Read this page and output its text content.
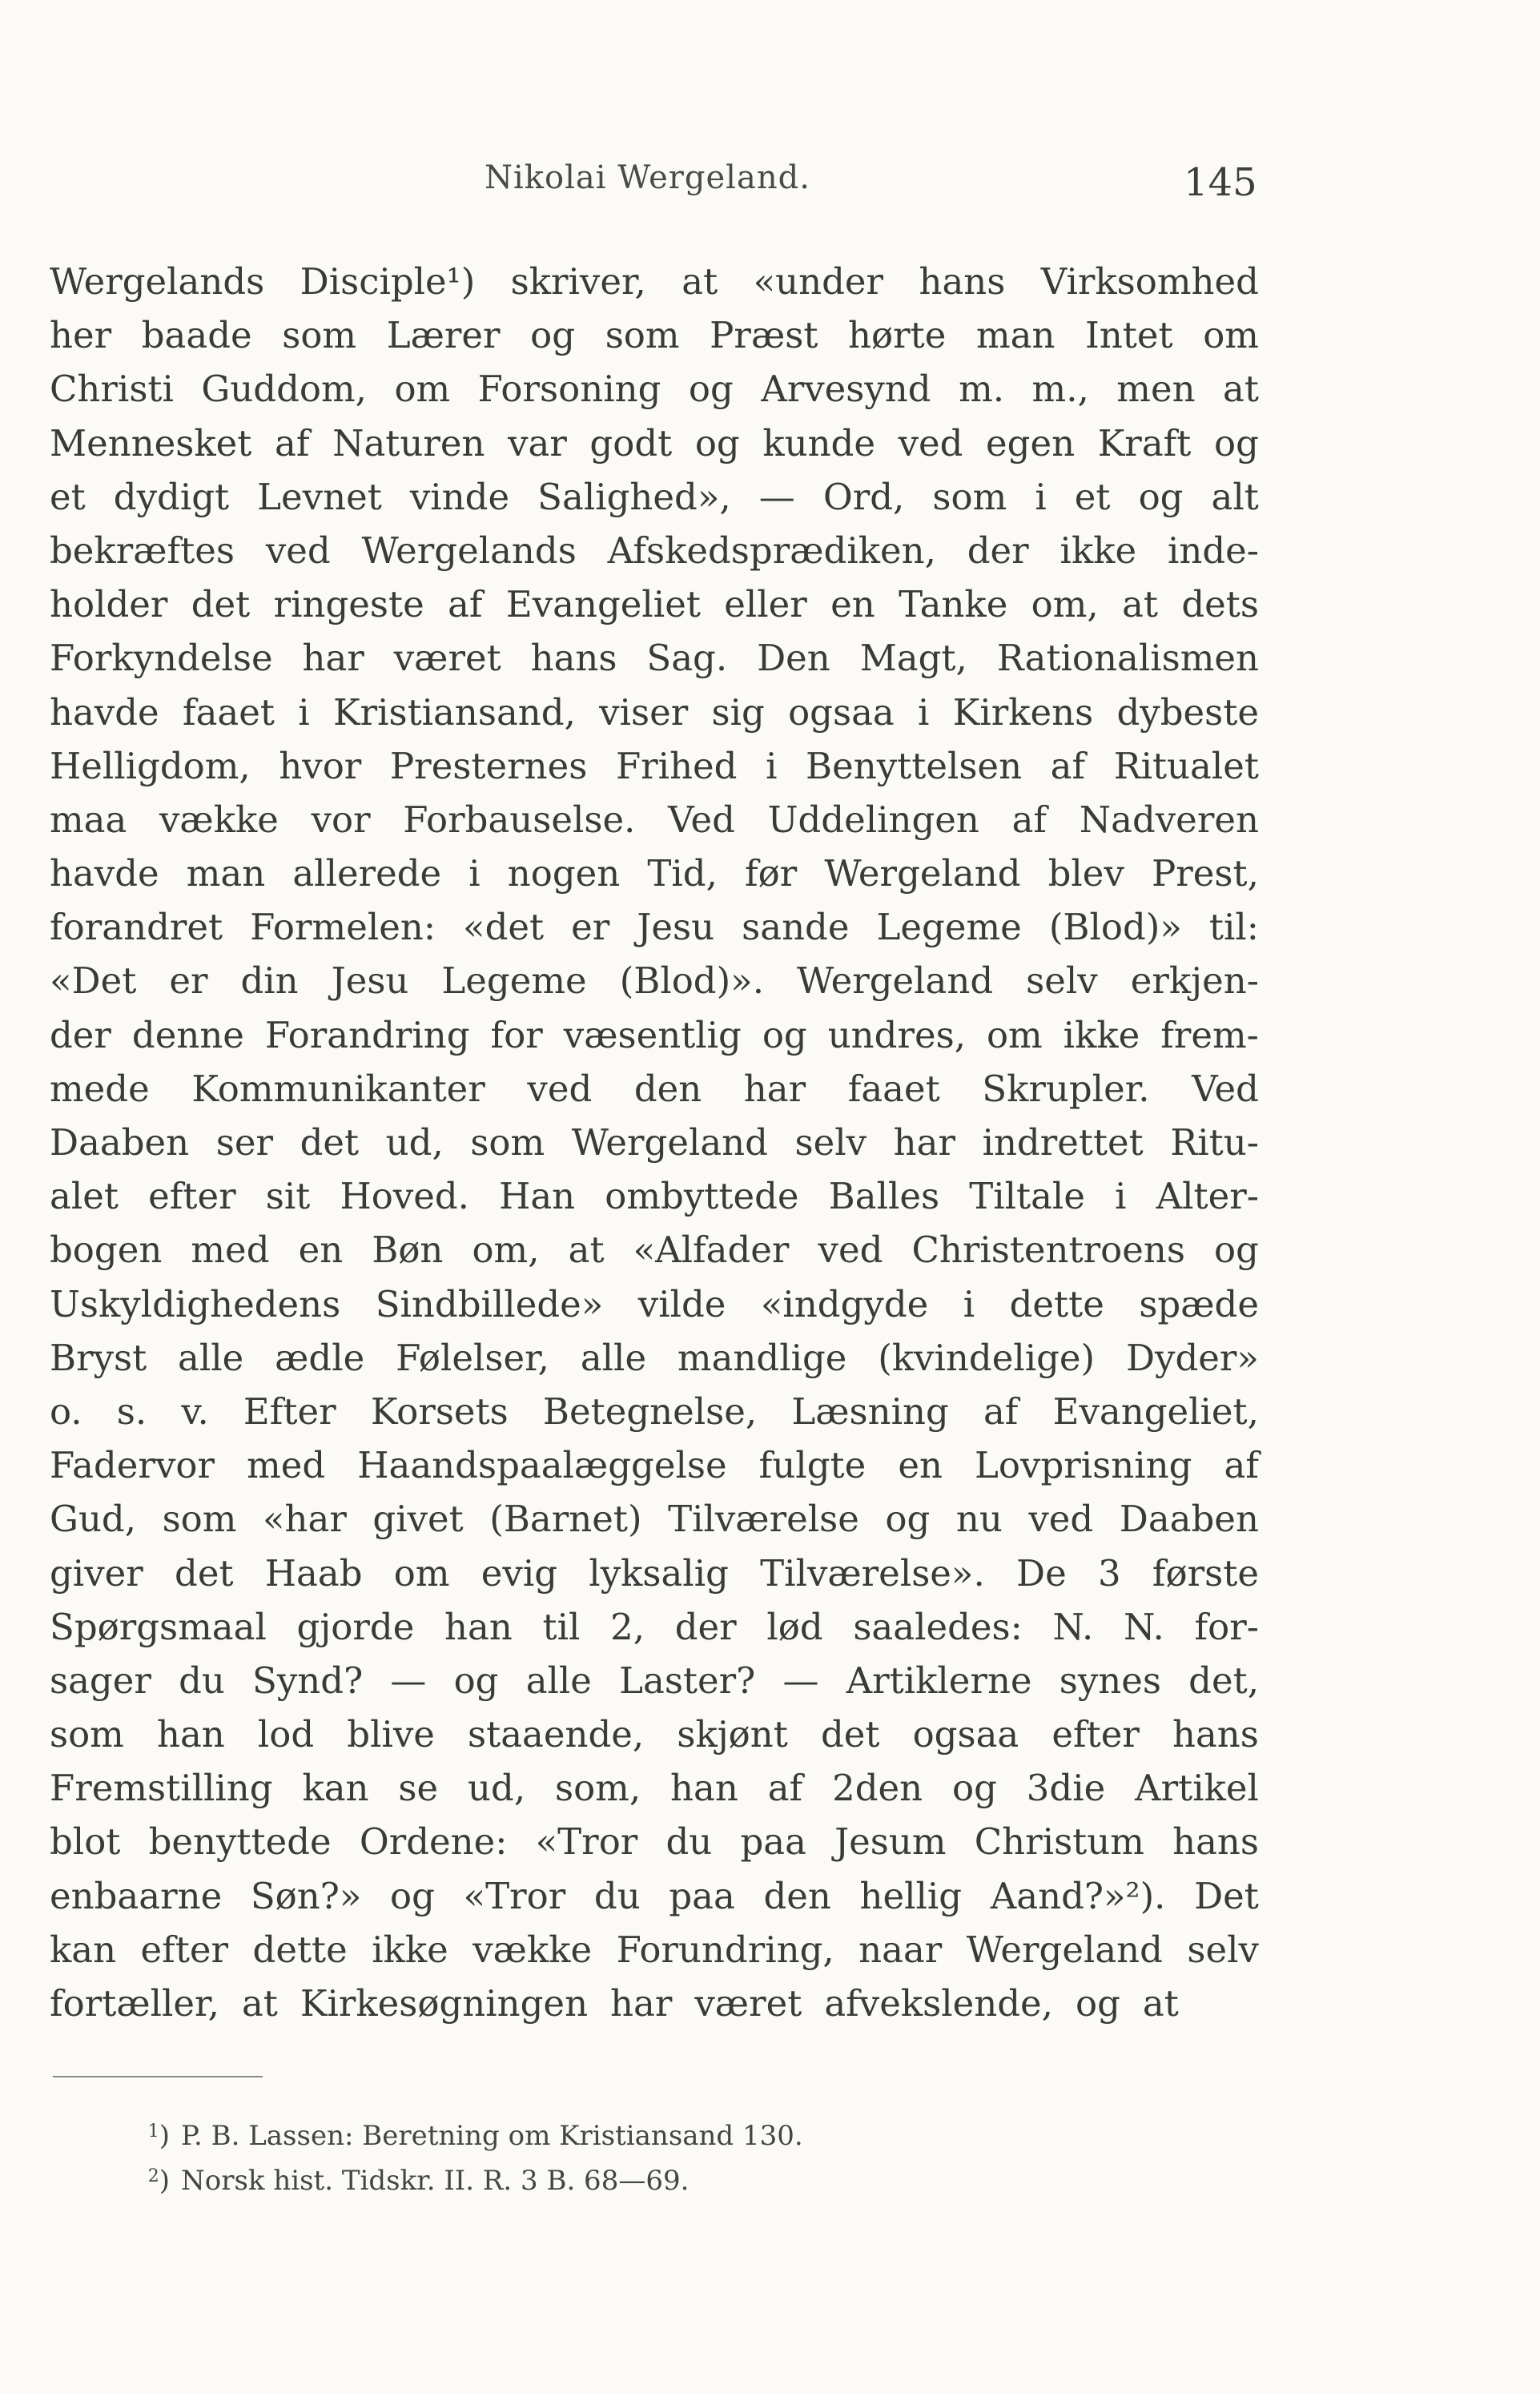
Nikolai Wergeland.	145
Wergelands Disciple¹) skriver, at «under hans Virksomhed
her baade som Lærer og som Præst hørte man Intet om
Christi Guddom, om Forsoning og Arvesynd m. m., men at
Mennesket af Naturen var godt og kunde ved egen Kraft og
et dydigt Levnet vinde Salighed», — Ord, som i et og alt
bekræftes ved Wergelands Afskedsprædiken, der ikke inde-
holder det ringeste af Evangeliet eller en Tanke om, at dets
Forkyndelse har været hans Sag. Den Magt, Rationalismen
havde faaet i Kristiansand, viser sig ogsaa i Kirkens dybeste
Helligdom, hvor Presternes Frihed i Benyttelsen af Ritualet
maa vække vor Forbauselse. Ved Uddelingen af Nadveren
havde man allerede i nogen Tid, før Wergeland blev Prest,
forandret Formelen: «det er Jesu sande Legeme (Blod)» til:
«Det er din Jesu Legeme (Blod)». Wergeland selv erkjen-
der denne Forandring for væsentlig og undres, om ikke frem-
mede Kommunikanter ved den har faaet Skrupler. Ved
Daaben ser det ud, som Wergeland selv har indrettet Ritu-
alet efter sit Hoved. Han ombyttede Balles Tiltale i Alter-
bogen med en Bøn om, at «Alfader ved Christentroens og
Uskyldighedens Sindbillede» vilde «indgyde i dette spæde
Bryst alle ædle Følelser, alle mandlige (kvindelige) Dyder»
o. s. v. Efter Korsets Betegnelse, Læsning af Evangeliet,
Fadervor med Haandspaalæggelse fulgte en Lovprisning af
Gud, som «har givet (Barnet) Tilværelse og nu ved Daaben
giver det Haab om evig lyksalig Tilværelse». De 3 første
Spørgsmaal gjorde han til 2, der lød saaledes: N. N. for-
sager du Synd? — og alle Laster? — Artiklerne synes det,
som han lod blive staaende, skjønt det ogsaa efter hans
Fremstilling kan se ud, som, han af 2den og 3die Artikel
blot benyttede Ordene: «Tror du paa Jesum Christum hans
enbaarne Søn?» og «Tror du paa den hellig Aand?»²). Det
kan efter dette ikke vække Forundring, naar Wergeland selv
fortæller, at Kirkesøgningen har været afvekslende, og at
$^1$) P. B. Lassen: Beretning om Kristiansand 130.
$^2$) Norsk hist. Tidskr. II. R. 3 B. 68—69.
